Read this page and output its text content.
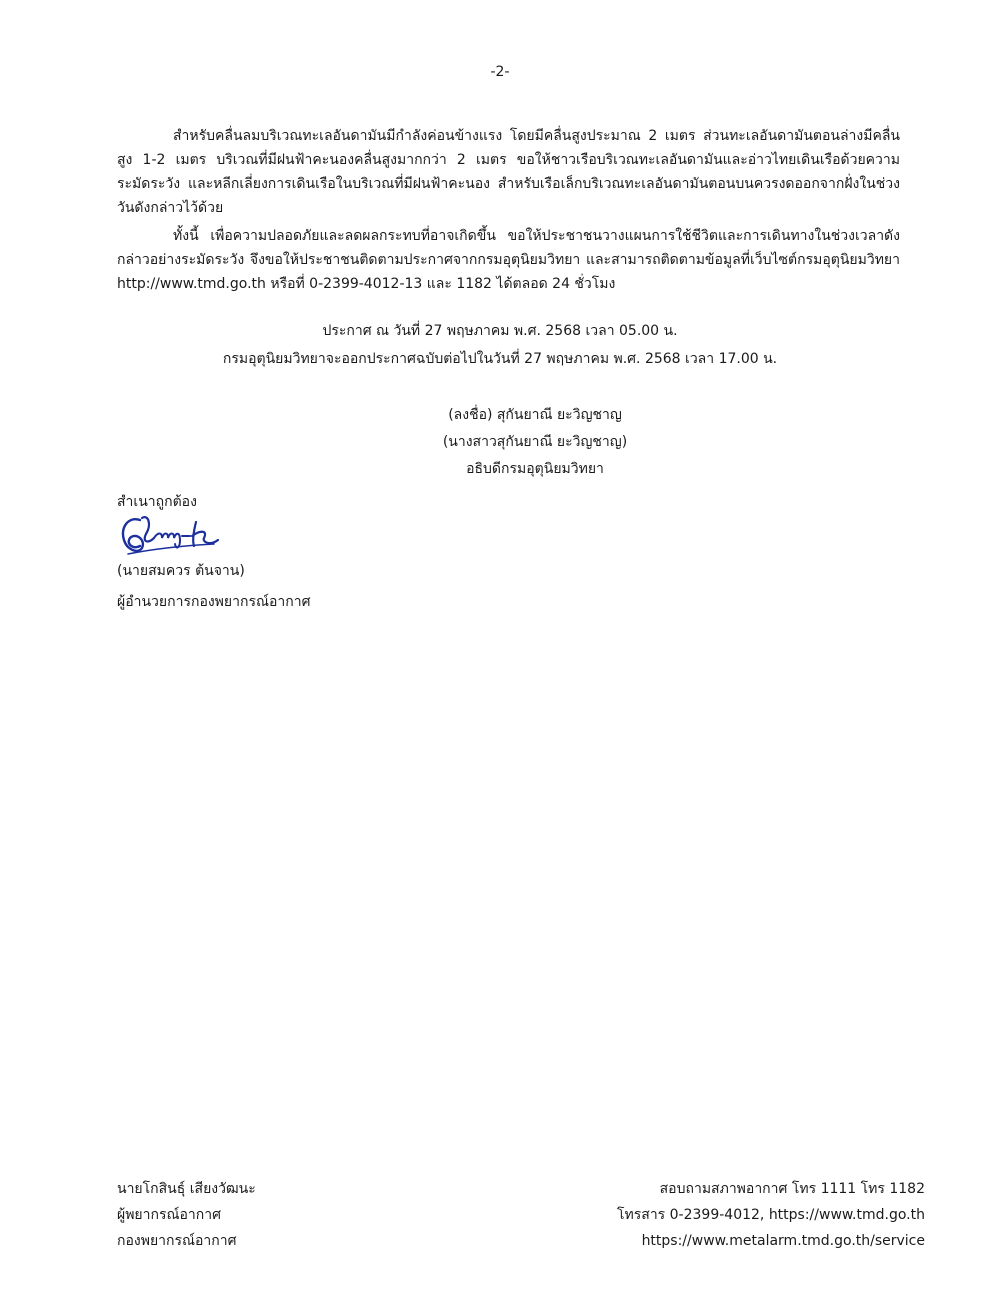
-2-

สำหรับคลื่นลมบริเวณทะเลอันดามันมีกำลังค่อนข้างแรง โดยมีคลื่นสูงประมาณ 2 เมตร ส่วนทะเลอันดามันตอนล่างมีคลื่นสูง 1-2 เมตร บริเวณที่มีฝนฟ้าคะนองคลื่นสูงมากกว่า 2 เมตร ขอให้ชาวเรือบริเวณทะเลอันดามันและอ่าวไทยเดินเรือด้วยความระมัดระวัง และหลีกเลี่ยงการเดินเรือในบริเวณที่มีฝนฟ้าคะนอง สำหรับเรือเล็กบริเวณทะเลอันดามันตอนบนควรงดออกจากฝั่งในช่วงวันดังกล่าวไว้ด้วย

ทั้งนี้ เพื่อความปลอดภัยและลดผลกระทบที่อาจเกิดขึ้น ขอให้ประชาชนวางแผนการใช้ชีวิตและการเดินทางในช่วงเวลาดังกล่าวอย่างระมัดระวัง จึงขอให้ประชาชนติดตามประกาศจากกรมอุตุนิยมวิทยา และสามารถติดตามข้อมูลที่เว็บไซต์กรมอุตุนิยมวิทยา http://www.tmd.go.th หรือที่ 0-2399-4012-13 และ 1182 ได้ตลอด 24 ชั่วโมง

ประกาศ ณ วันที่ 27 พฤษภาคม พ.ศ. 2568 เวลา 05.00 น.
กรมอุตุนิยมวิทยาจะออกประกาศฉบับต่อไปในวันที่ 27 พฤษภาคม พ.ศ. 2568 เวลา 17.00 น.
(ลงชื่อ) สุกันยาณี ยะวิญชาญ
(นางสาวสุกันยาณี ยะวิญชาญ)
อธิบดีกรมอุตุนิยมวิทยา
สำเนาถูกต้อง
(นายสมควร ต้นจาน)
ผู้อำนวยการกองพยากรณ์อากาศ
นายโกสินธุ์ เสียงวัฒนะ
ผู้พยากรณ์อากาศ
กองพยากรณ์อากาศ
สอบถามสภาพอากาศ โทร 1111 โทร 1182
โทรสาร 0-2399-4012, https://www.tmd.go.th
https://www.metalarm.tmd.go.th/service
